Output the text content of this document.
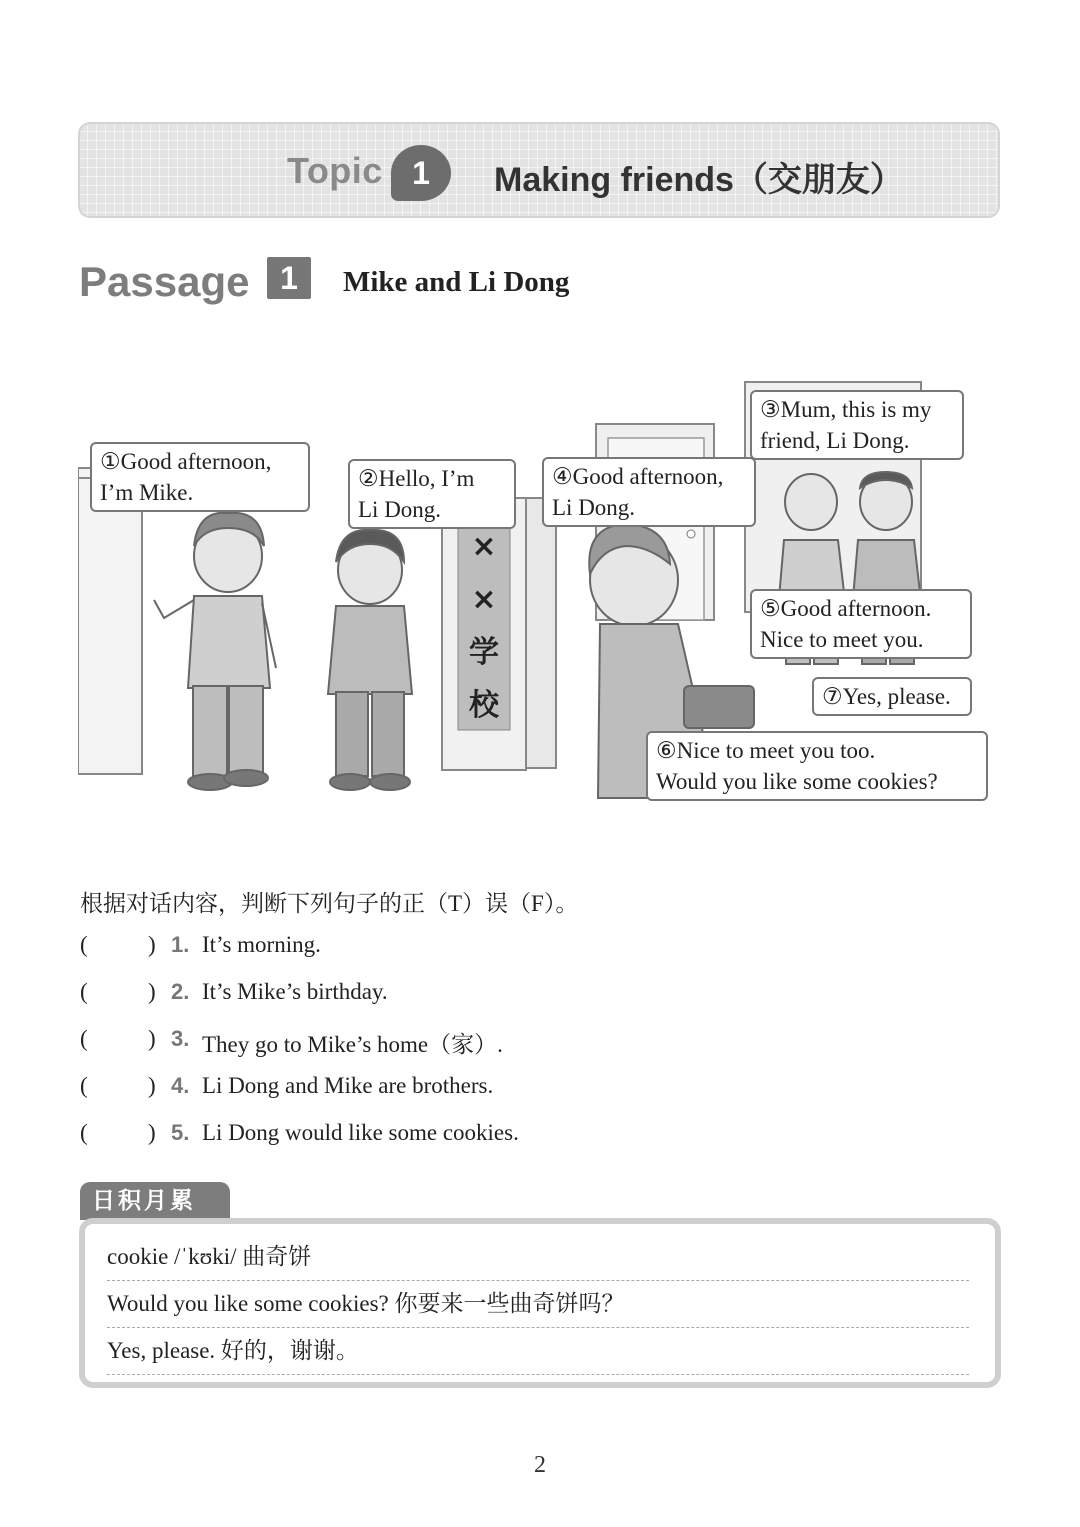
Topic 1	Making friends（交朋友）
Passage 1	Mike and Li Dong
×
×
学
校
①Good afternoon,
I’m Mike.
②Hello, I’m
Li Dong.
③Mum, this is my
friend, Li Dong.
④Good afternoon,
Li Dong.
⑤Good afternoon.
Nice to meet you.
⑦Yes, please.
⑥Nice to meet you too.
Would you like some cookies?
根据对话内容，判断下列句子的正（T）误（F）。
(	) 1. It’s morning.
(	) 2. It’s Mike’s birthday.
(	) 3. They go to Mike’s home（家）.
(	) 4. Li Dong and Mike are brothers.
(	) 5. Li Dong would like some cookies.
日积月累
cookie /ˈkʊki/ 曲奇饼
Would you like some cookies? 你要来一些曲奇饼吗？
Yes, please. 好的，谢谢。
2
